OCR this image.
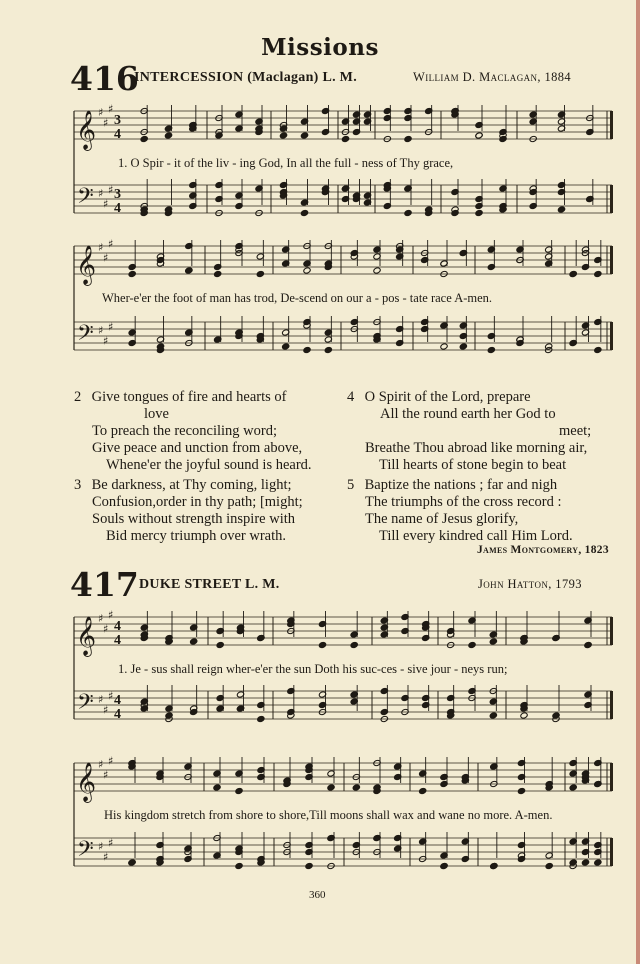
Missions
416
INTERCESSION (Maclagan) L. M.	William D. Maclagan, 1884
𝄞
𝄢
♯
♯
♯
♯
♯
♯
3
4
3
4
𝄞
𝄢
♯
♯
♯
♯
♯
♯
𝄞
𝄢
♯
♯
♯
♯
♯
♯
4
4
4
4
𝄞
𝄢
♯
♯
♯
♯
♯
♯
1. O Spir - it of the liv - ing God, In all the full - ness of Thy grace,
Wher-e'er the foot of man has trod, De-scend on our a - pos - tate race A-men.
2 Give tongues of fire and hearts of
love
To preach the reconciling word;
Give peace and unction from above,
Whene'er the joyful sound is heard.
4 O Spirit of the Lord, prepare
All the round earth her God to
meet;
Breathe Thou abroad like morning air,
Till hearts of stone begin to beat
3 Be darkness, at Thy coming, light;
Confusion,order in thy path; [might;
Souls without strength inspire with
Bid mercy triumph over wrath.
5 Baptize the nations ; far and nigh
The triumphs of the cross record :
The name of Jesus glorify,
Till every kindred call Him Lord.
James Montgomery, 1823
417 DUKE STREET L. M.	John Hatton, 1793
1. Je - sus shall reign wher-e'er the sun Doth his suc-ces - sive jour - neys run;
His kingdom stretch from shore to shore,Till moons shall wax and wane no more. A-men.
360
